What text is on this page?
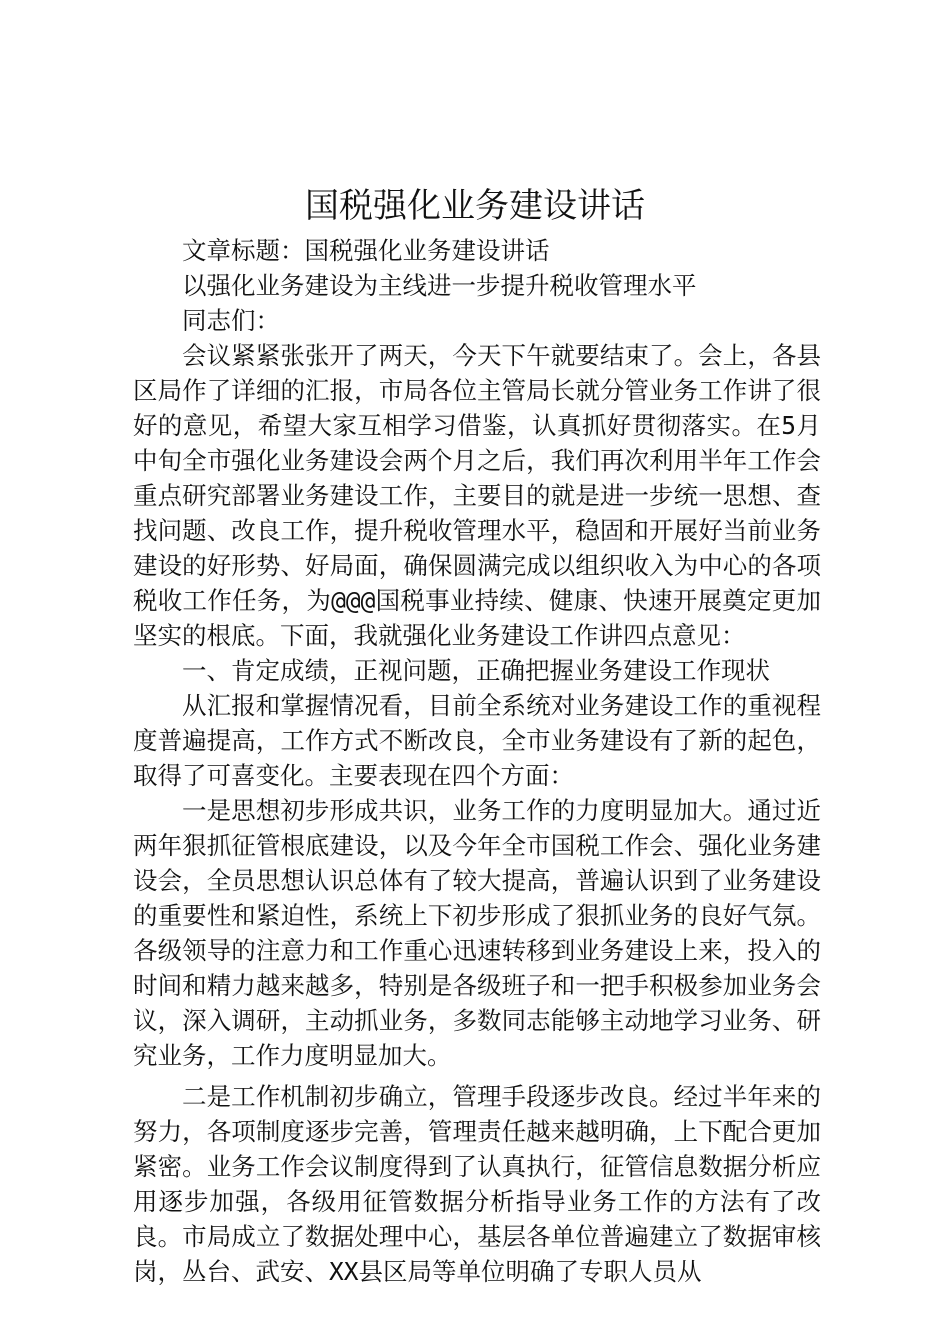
国税强化业务建设讲话

文章标题：国税强化业务建设讲话

以强化业务建设为主线进一步提升税收管理水平

同志们：

会议紧紧张张开了两天，今天下午就要结束了。会上，各县区局作了详细的汇报，市局各位主管局长就分管业务工作讲了很好的意见，希望大家互相学习借鉴，认真抓好贯彻落实。在5月中旬全市强化业务建设会两个月之后，我们再次利用半年工作会重点研究部署业务建设工作，主要目的就是进一步统一思想、查找问题、改良工作，提升税收管理水平，稳固和开展好当前业务建设的好形势、好局面，确保圆满完成以组织收入为中心的各项税收工作任务，为@@@国税事业持续、健康、快速开展奠定更加坚实的根底。下面，我就强化业务建设工作讲四点意见：

一、肯定成绩，正视问题，正确把握业务建设工作现状

从汇报和掌握情况看，目前全系统对业务建设工作的重视程度普遍提高，工作方式不断改良，全市业务建设有了新的起色，取得了可喜变化。主要表现在四个方面：

一是思想初步形成共识，业务工作的力度明显加大。通过近两年狠抓征管根底建设，以及今年全市国税工作会、强化业务建设会，全员思想认识总体有了较大提高，普遍认识到了业务建设的重要性和紧迫性，系统上下初步形成了狠抓业务的良好气氛。各级领导的注意力和工作重心迅速转移到业务建设上来，投入的时间和精力越来越多，特别是各级班子和一把手积极参加业务会议，深入调研，主动抓业务，多数同志能够主动地学习业务、研究业务，工作力度明显加大。

二是工作机制初步确立，管理手段逐步改良。经过半年来的努力，各项制度逐步完善，管理责任越来越明确，上下配合更加紧密。业务工作会议制度得到了认真执行，征管信息数据分析应用逐步加强，各级用征管数据分析指导业务工作的方法有了改良。市局成立了数据处理中心，基层各单位普遍建立了数据审核岗，丛台、武安、XX县区局等单位明确了专职人员从
